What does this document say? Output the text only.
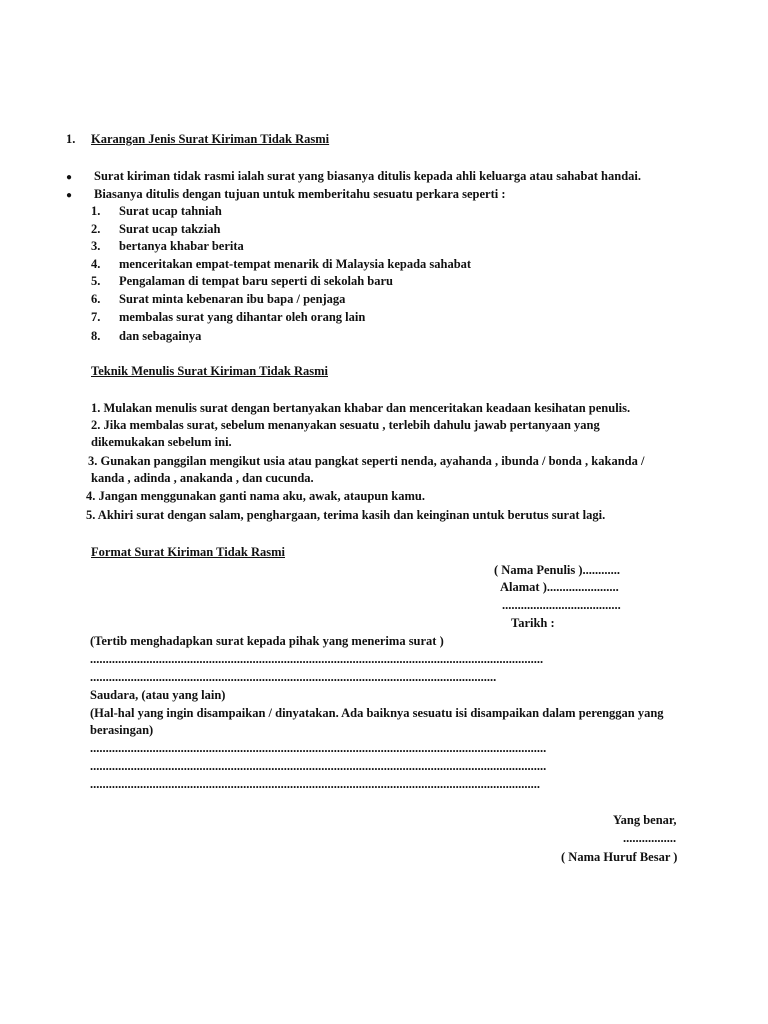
1. Karangan Jenis Surat Kiriman Tidak Rasmi
● Surat kiriman tidak rasmi ialah surat yang biasanya ditulis kepada ahli keluarga atau sahabat handai.
● Biasanya ditulis dengan tujuan untuk memberitahu sesuatu perkara seperti :
1. Surat ucap tahniah
2. Surat ucap takziah
3. bertanya khabar berita
4. menceritakan empat-tempat menarik di Malaysia kepada sahabat
5. Pengalaman di tempat baru seperti di sekolah baru
6. Surat minta kebenaran ibu bapa / penjaga
7. membalas surat yang dihantar oleh orang lain
8. dan sebagainya
Teknik Menulis Surat Kiriman Tidak Rasmi
1. Mulakan menulis surat dengan bertanyakan khabar dan menceritakan keadaan kesihatan penulis.
2. Jika membalas surat, sebelum menanyakan sesuatu , terlebih dahulu jawab pertanyaan yang
dikemukakan sebelum ini.
3. Gunakan panggilan mengikut usia atau pangkat seperti nenda, ayahanda , ibunda / bonda , kakanda /
kanda , adinda , anakanda , dan cucunda.
4. Jangan menggunakan ganti nama aku, awak, ataupun kamu.
5. Akhiri surat dengan salam, penghargaan, terima kasih dan keinginan untuk berutus surat lagi.
Format Surat Kiriman Tidak Rasmi
( Nama Penulis )............
Alamat ).......................
......................................
Tarikh :
(Tertib menghadapkan surat kepada pihak yang menerima surat )
.................................................................................................................................................
..................................................................................................................................
Saudara, (atau yang lain)
(Hal-hal yang ingin disampaikan / dinyatakan. Ada baiknya sesuatu isi disampaikan dalam perenggan yang
berasingan)
..................................................................................................................................................
..................................................................................................................................................
................................................................................................................................................
Yang benar,
.................
( Nama Huruf Besar )
